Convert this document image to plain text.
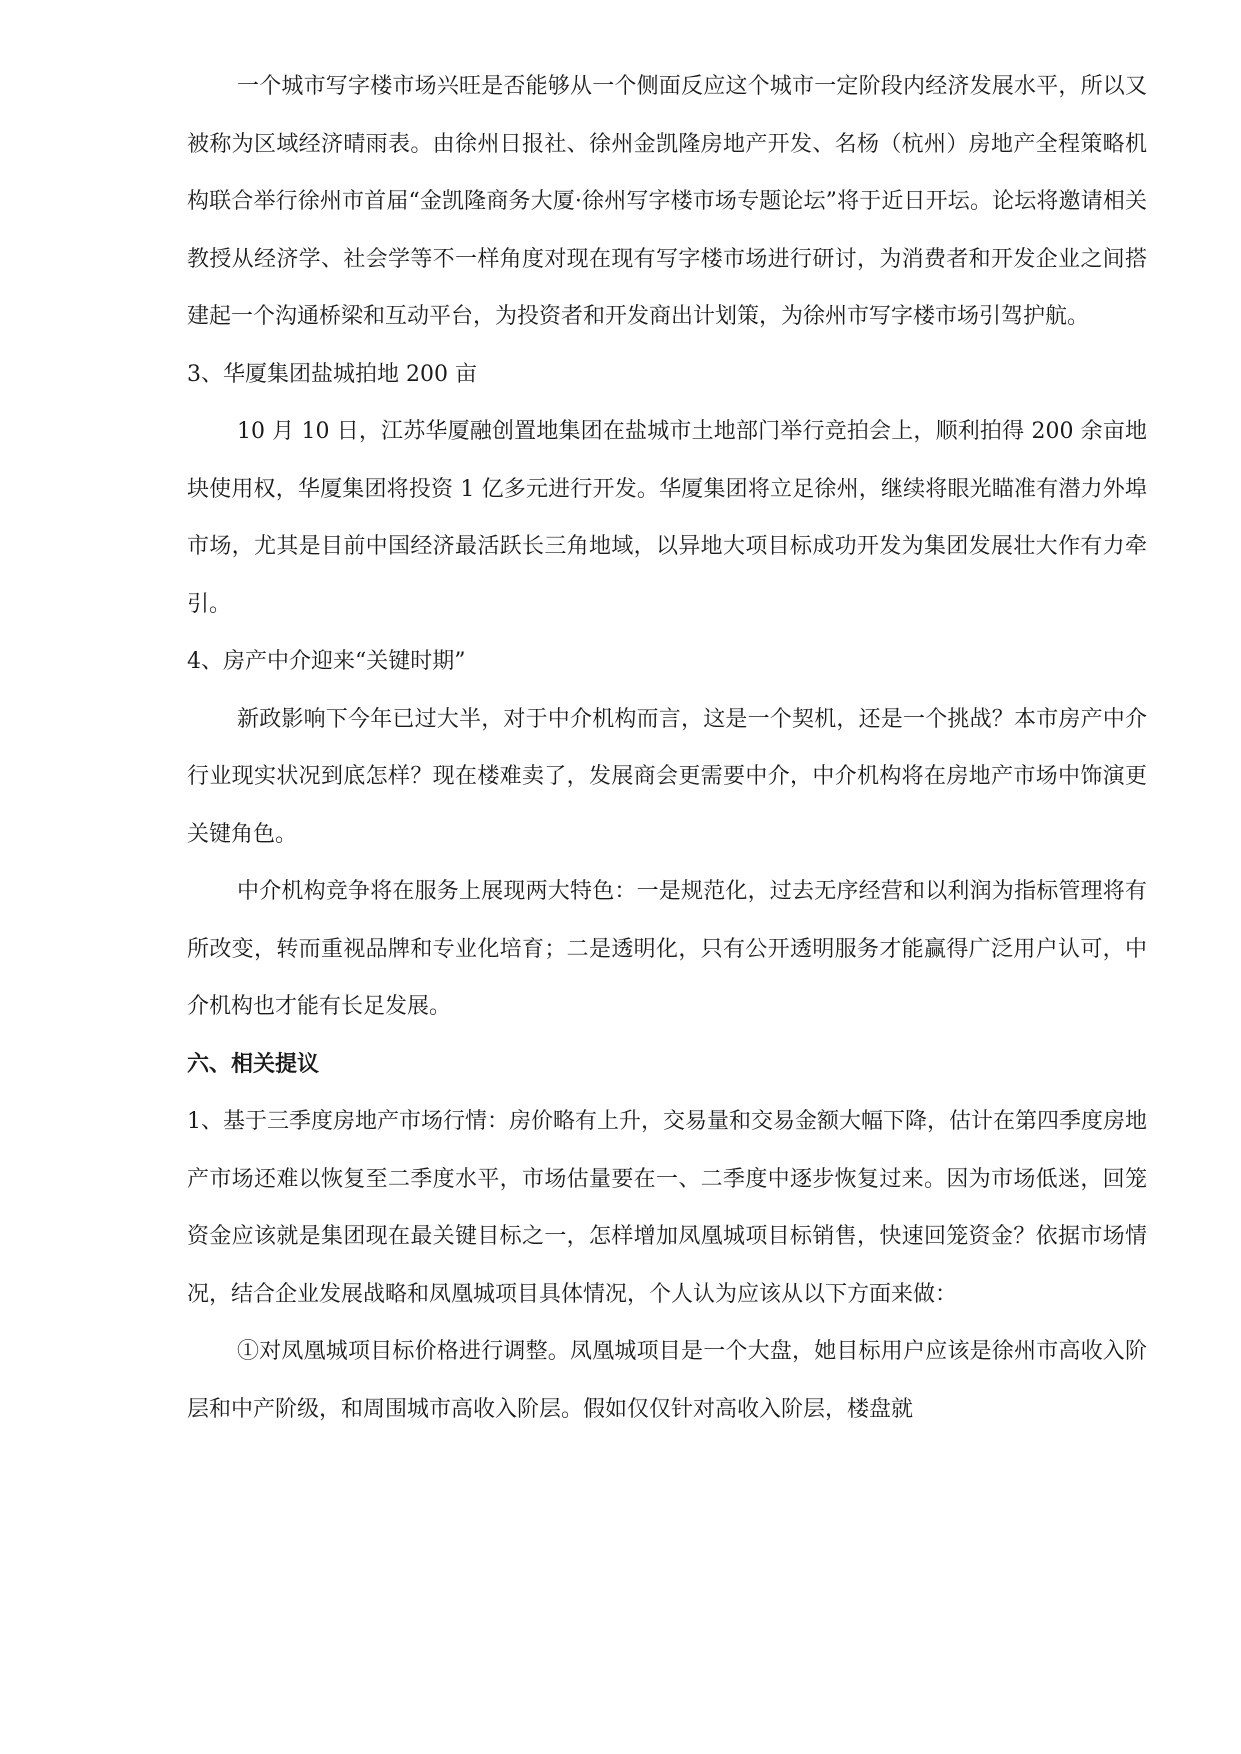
一个城市写字楼市场兴旺是否能够从一个侧面反应这个城市一定阶段内经济发展水平，所以又被称为区域经济晴雨表。由徐州日报社、徐州金凯隆房地产开发、名杨（杭州）房地产全程策略机构联合举行徐州市首届“金凯隆商务大厦·徐州写字楼市场专题论坛”将于近日开坛。论坛将邀请相关教授从经济学、社会学等不一样角度对现在现有写字楼市场进行研讨，为消费者和开发企业之间搭建起一个沟通桥梁和互动平台，为投资者和开发商出计划策，为徐州市写字楼市场引驾护航。

3、华厦集团盐城拍地 200 亩

10 月 10 日，江苏华厦融创置地集团在盐城市土地部门举行竞拍会上，顺利拍得 200 余亩地块使用权，华厦集团将投资 1 亿多元进行开发。华厦集团将立足徐州，继续将眼光瞄准有潜力外埠市场，尤其是目前中国经济最活跃长三角地域，以异地大项目标成功开发为集团发展壮大作有力牵引。

4、房产中介迎来“关键时期”

新政影响下今年已过大半，对于中介机构而言，这是一个契机，还是一个挑战？本市房产中介行业现实状况到底怎样？现在楼难卖了，发展商会更需要中介，中介机构将在房地产市场中饰演更关键角色。

中介机构竞争将在服务上展现两大特色：一是规范化，过去无序经营和以利润为指标管理将有所改变，转而重视品牌和专业化培育；二是透明化，只有公开透明服务才能赢得广泛用户认可，中介机构也才能有长足发展。

六、相关提议

1、基于三季度房地产市场行情：房价略有上升，交易量和交易金额大幅下降，估计在第四季度房地产市场还难以恢复至二季度水平，市场估量要在一、二季度中逐步恢复过来。因为市场低迷，回笼资金应该就是集团现在最关键目标之一，怎样增加凤凰城项目标销售，快速回笼资金？依据市场情况，结合企业发展战略和凤凰城项目具体情况，个人认为应该从以下方面来做：

①对凤凰城项目标价格进行调整。凤凰城项目是一个大盘，她目标用户应该是徐州市高收入阶层和中产阶级，和周围城市高收入阶层。假如仅仅针对高收入阶层，楼盘就
